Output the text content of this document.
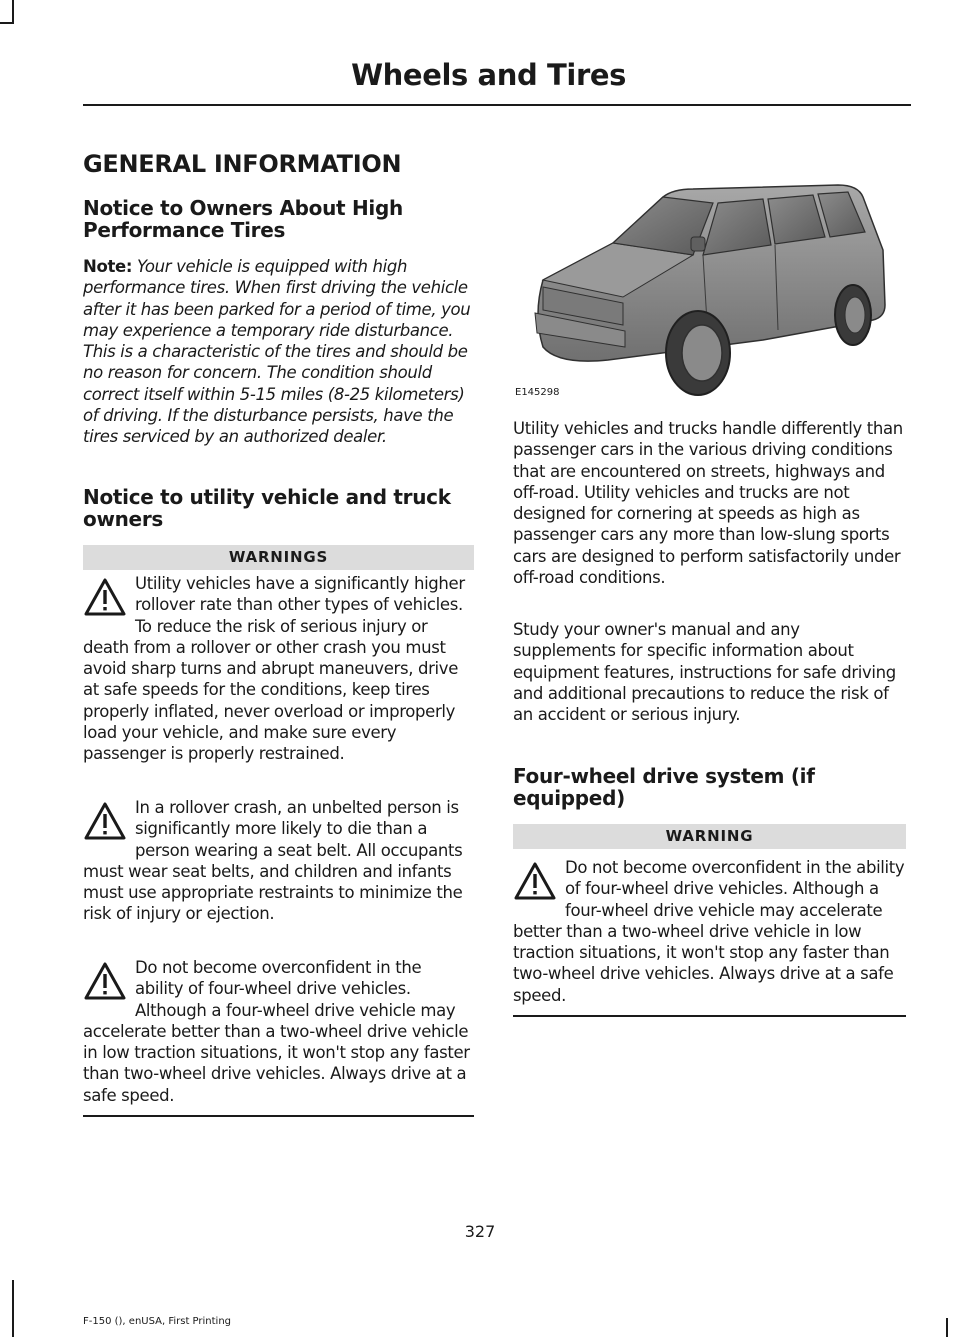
Wheels and Tires
GENERAL INFORMATION
Notice to Owners About High Performance Tires

Note: Your vehicle is equipped with high performance tires. When first driving the vehicle after it has been parked for a period of time, you may experience a temporary ride disturbance. This is a characteristic of the tires and should be no reason for concern. The condition should correct itself within 5-15 miles (8-25 kilometers) of driving. If the disturbance persists, have the tires serviced by an authorized dealer.

Notice to utility vehicle and truck owners
WARNINGS
Utility vehicles have a significantly higher rollover rate than other types of vehicles. To reduce the risk of serious injury or death from a rollover or other crash you must avoid sharp turns and abrupt maneuvers, drive at safe speeds for the conditions, keep tires properly inflated, never overload or improperly load your vehicle, and make sure every passenger is properly restrained.
In a rollover crash, an unbelted person is significantly more likely to die than a person wearing a seat belt. All occupants must wear seat belts, and children and infants must use appropriate restraints to minimize the risk of injury or ejection.
Do not become overconfident in the ability of four-wheel drive vehicles. Although a four-wheel drive vehicle may accelerate better than a two-wheel drive vehicle in low traction situations, it won't stop any faster than two-wheel drive vehicles. Always drive at a safe speed.
E145298

Utility vehicles and trucks handle differently than passenger cars in the various driving conditions that are encountered on streets, highways and off-road. Utility vehicles and trucks are not designed for cornering at speeds as high as passenger cars any more than low-slung sports cars are designed to perform satisfactorily under off-road conditions.

Study your owner's manual and any supplements for specific information about equipment features, instructions for safe driving and additional precautions to reduce the risk of an accident or serious injury.

Four-wheel drive system (if equipped)
WARNING
Do not become overconfident in the ability of four-wheel drive vehicles. Although a four-wheel drive vehicle may accelerate better than a two-wheel drive vehicle in low traction situations, it won't stop any faster than two-wheel drive vehicles. Always drive at a safe speed.
327
F-150 (), enUSA, First Printing
